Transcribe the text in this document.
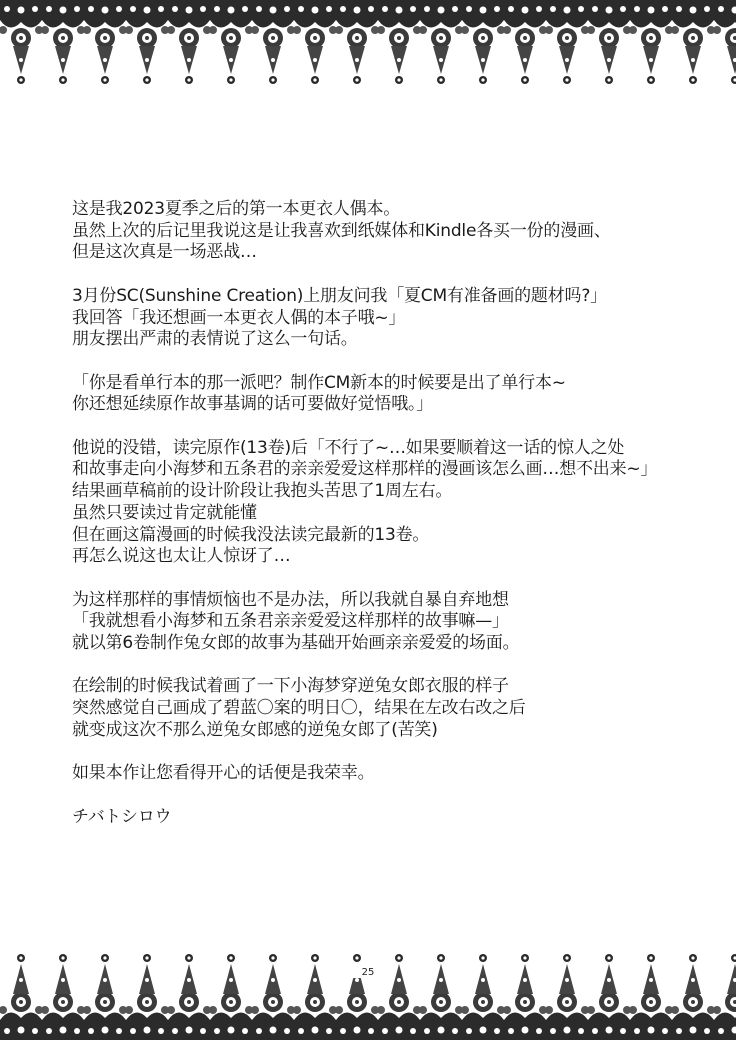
这是我2023夏季之后的第一本更衣人偶本。
虽然上次的后记里我说这是让我喜欢到纸媒体和Kindle各买一份的漫画、
但是这次真是一场恶战…

3月份SC(Sunshine Creation)上朋友问我「夏CM有准备画的题材吗?」
我回答「我还想画一本更衣人偶的本子哦~」
朋友摆出严肃的表情说了这么一句话。

「你是看单行本的那一派吧？制作CM新本的时候要是出了单行本~
你还想延续原作故事基调的话可要做好觉悟哦。」

他说的没错，读完原作(13卷)后「不行了~…如果要顺着这一话的惊人之处
和故事走向小海梦和五条君的亲亲爱爱这样那样的漫画该怎么画…想不出来~」
结果画草稿前的设计阶段让我抱头苦思了1周左右。
虽然只要读过肯定就能懂
但在画这篇漫画的时候我没法读完最新的13卷。
再怎么说这也太让人惊讶了…

为这样那样的事情烦恼也不是办法，所以我就自暴自弃地想
「我就想看小海梦和五条君亲亲爱爱这样那样的故事嘛—」
就以第6卷制作兔女郎的故事为基础开始画亲亲爱爱的场面。

在绘制的时候我试着画了一下小海梦穿逆兔女郎衣服的样子
突然感觉自己画成了碧蓝〇案的明日〇，结果在左改右改之后
就变成这次不那么逆兔女郎感的逆兔女郎了(苦笑)

如果本作让您看得开心的话便是我荣幸。

チバトシロウ

25
